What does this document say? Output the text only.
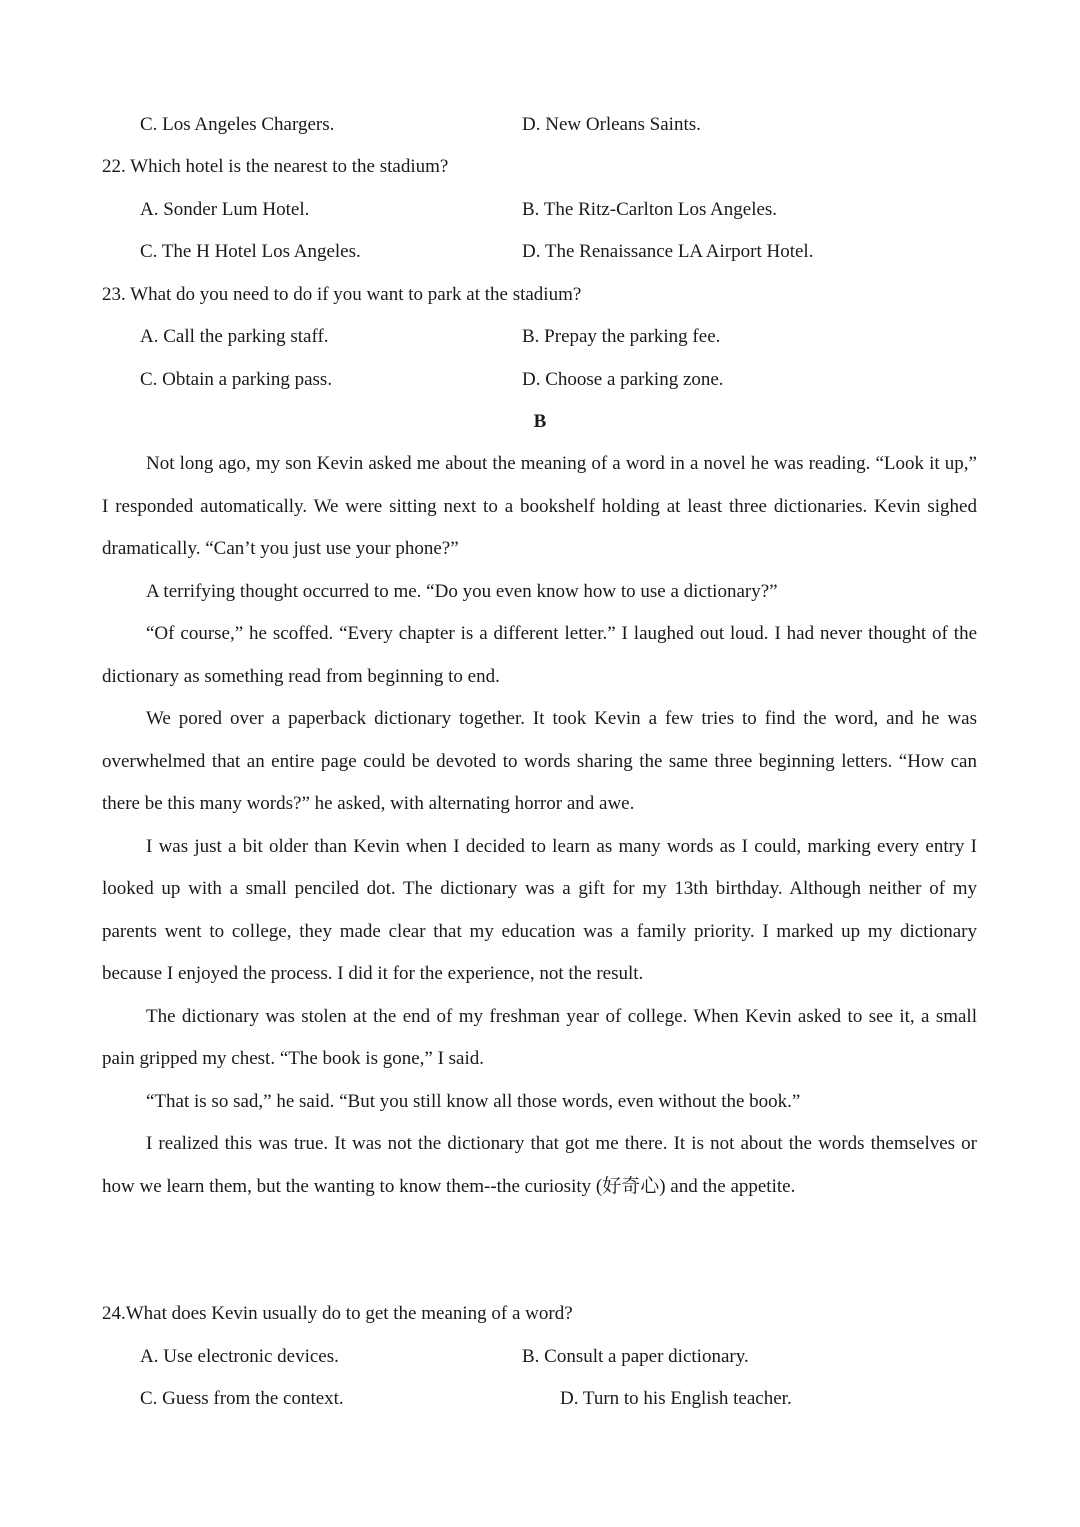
C. Los Angeles Chargers.	D. New Orleans Saints.
22. Which hotel is the nearest to the stadium?
A. Sonder Lum Hotel.	B. The Ritz-Carlton Los Angeles.
C. The H Hotel Los Angeles.	D. The Renaissance LA Airport Hotel.
23. What do you need to do if you want to park at the stadium?
A. Call the parking staff.	B. Prepay the parking fee.
C. Obtain a parking pass.	D. Choose a parking zone.
B

Not long ago, my son Kevin asked me about the meaning of a word in a novel he was reading. “Look it up,” I responded automatically. We were sitting next to a bookshelf holding at least three dictionaries. Kevin sighed dramatically. “Can’t you just use your phone?”

A terrifying thought occurred to me. “Do you even know how to use a dictionary?”

“Of course,” he scoffed. “Every chapter is a different letter.” I laughed out loud. I had never thought of the dictionary as something read from beginning to end.

We pored over a paperback dictionary together. It took Kevin a few tries to find the word, and he was overwhelmed that an entire page could be devoted to words sharing the same three beginning letters. “How can there be this many words?” he asked, with alternating horror and awe.

I was just a bit older than Kevin when I decided to learn as many words as I could, marking every entry I looked up with a small penciled dot. The dictionary was a gift for my 13th birthday. Although neither of my parents went to college, they made clear that my education was a family priority. I marked up my dictionary because I enjoyed the process. I did it for the experience, not the result.

The dictionary was stolen at the end of my freshman year of college. When Kevin asked to see it, a small pain gripped my chest. “The book is gone,” I said.

“That is so sad,” he said. “But you still know all those words, even without the book.”

I realized this was true. It was not the dictionary that got me there. It is not about the words themselves or how we learn them, but the wanting to know them--the curiosity (好奇心) and the appetite.

24.What does Kevin usually do to get the meaning of a word?
A. Use electronic devices.	B. Consult a paper dictionary.
C. Guess from the context.	D. Turn to his English teacher.
